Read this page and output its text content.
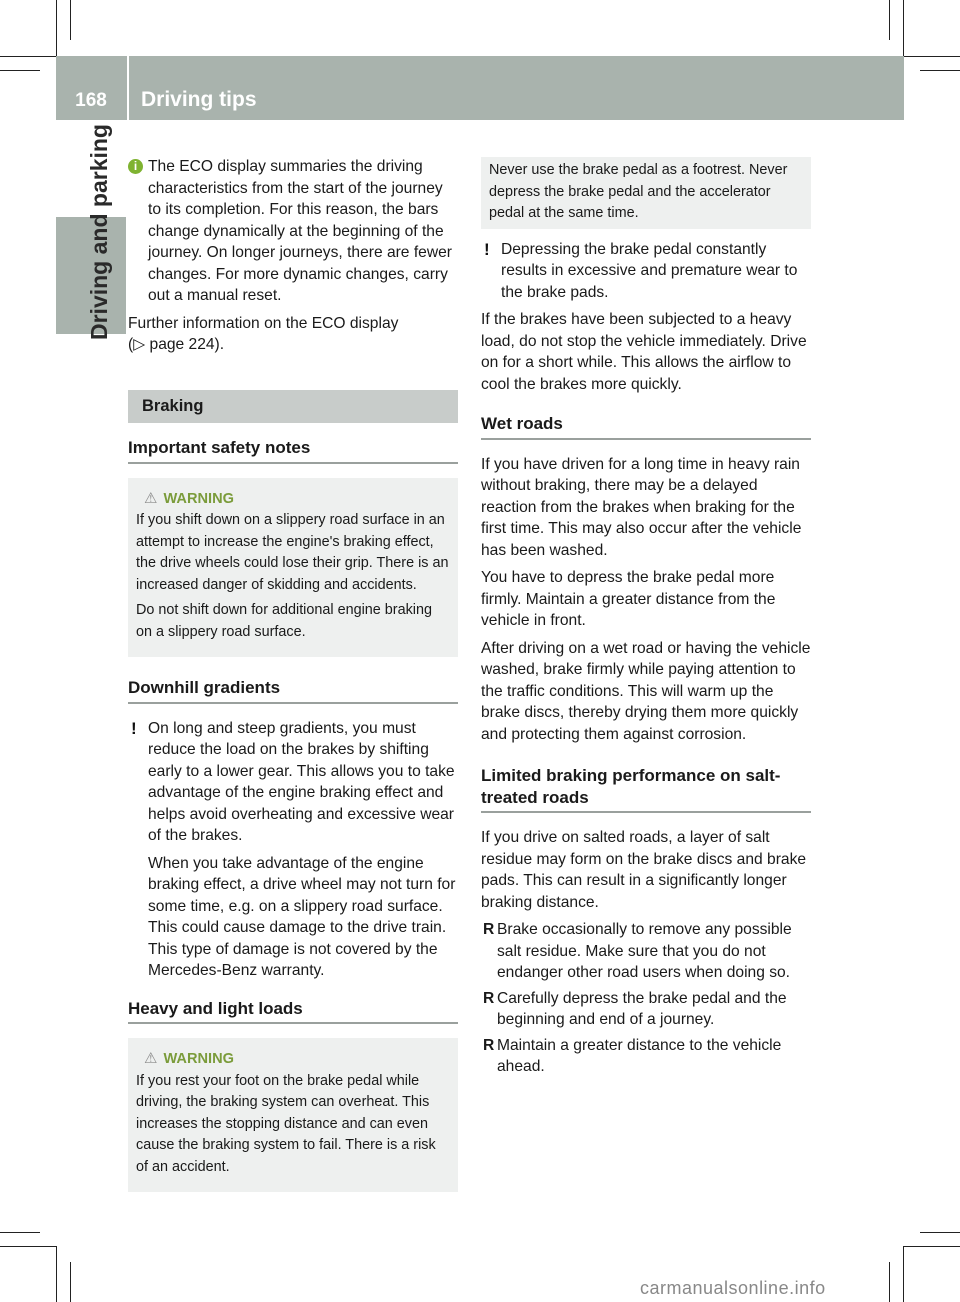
168	Driving tips
Driving and parking	i The ECO display summaries the driving characteristics from the start of the journey to its completion. For this reason, the bars change dynamically at the beginning of the journey. On longer journeys, there are fewer changes. For more dynamic changes, carry out a manual reset.

Further information on the ECO display
(▷ page 224).

Braking
Important safety notes
⚠ WARNING

If you shift down on a slippery road surface in an attempt to increase the engine's braking effect, the drive wheels could lose their grip. There is an increased danger of skidding and accidents.

Do not shift down for additional engine braking on a slippery road surface.

Downhill gradients

! On long and steep gradients, you must reduce the load on the brakes by shifting early to a lower gear. This allows you to take advantage of the engine braking effect and helps avoid overheating and excessive wear of the brakes.

When you take advantage of the engine braking effect, a drive wheel may not turn for some time, e.g. on a slippery road surface. This could cause damage to the drive train. This type of damage is not covered by the Mercedes-Benz warranty.

Heavy and light loads
⚠ WARNING

If you rest your foot on the brake pedal while driving, the braking system can overheat. This increases the stopping distance and can even cause the braking system to fail. There is a risk of an accident.

Never use the brake pedal as a footrest. Never depress the brake pedal and the accelerator pedal at the same time.

! Depressing the brake pedal constantly results in excessive and premature wear to the brake pads.

If the brakes have been subjected to a heavy load, do not stop the vehicle immediately. Drive on for a short while. This allows the airflow to cool the brakes more quickly.

Wet roads

If you have driven for a long time in heavy rain without braking, there may be a delayed reaction from the brakes when braking for the first time. This may also occur after the vehicle has been washed.

You have to depress the brake pedal more firmly. Maintain a greater distance from the vehicle in front.

After driving on a wet road or having the vehicle washed, brake firmly while paying attention to the traffic conditions. This will warm up the brake discs, thereby drying them more quickly and protecting them against corrosion.

Limited braking performance on salt-
treated roads

If you drive on salted roads, a layer of salt residue may form on the brake discs and brake pads. This can result in a significantly longer braking distance.

R Brake occasionally to remove any possible salt residue. Make sure that you do not endanger other road users when doing so.

R Carefully depress the brake pedal and the beginning and end of a journey.

R Maintain a greater distance to the vehicle ahead.

carmanualsonline.info
